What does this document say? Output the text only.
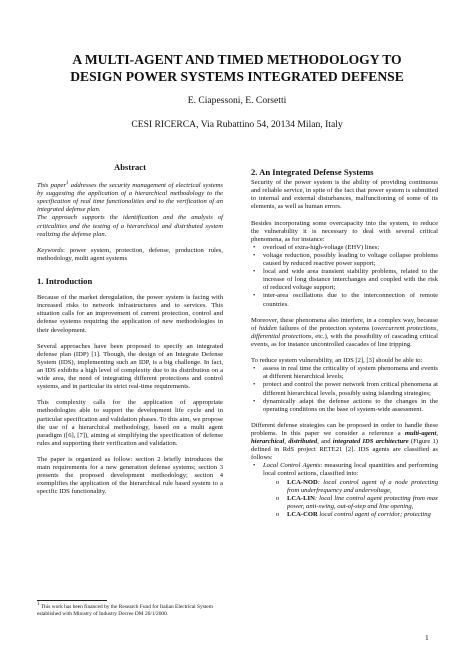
A MULTI-AGENT AND TIMED METHODOLOGY TO
DESIGN POWER SYSTEMS INTEGRATED DEFENSE
E. Ciapessoni, E. Corsetti
CESI RICERCA, Via Rubattino 54, 20134 Milan, Italy
Abstract

This paper$^1$ addresses the security management of electrical systems by suggesting the application of a hierarchical methodology to the specification of real time functionalities and to the verification of an integrated defense plan.

The approach supports the identification and the analysis of criticalities and the testing of a hierarchical and distributed system realizing the defense plan.

Keywords: power system, protection, defense, production rules, methodology, multi agent systems

1. Introduction

Because of the market deregulation, the power system is facing with increased risks to network infrastructures and to services. This situation calls for an improvement of current protection, control and defense systems requiring the application of new methodologies in their development.

Several approaches have been proposed to specify an integrated defense plan (IDP) [1]. Though, the design of an Integrate Defense System (IDS), implementing such an IDP, is a big challenge. In fact, an IDS exhibits a high level of complexity due to its distribution on a wide area, the need of integrating different protections and control systems, and in particular its strict real-time requirements.

This complexity calls for the application of appropriate methodologies able to support the development life cycle and in particular specification and validation phases. To this aim, we propose the use of a hierarchical methodology, based on a multi agent paradigm ([6], [7]), aiming at simplifying the specification of defense rules and supporting their verification and validation.

The paper is organized as follow: section 2 briefly introduces the main requirements for a new generation defense systems; section 3 presents the proposed development methodology; section 4 exemplifies the application of the hierarchical rule based system to a specific IDS functionality.

$^1$ This work has been financed by the Research Fund for Italian Electrical System established with Ministry of Industry Decree DM 26/1/2000.
2. An Integrated Defense Systems

Security of the power system is the ability of providing continuous and reliable service, in spite of the fact that power system is submitted to internal and external disturbances, malfunctioning of some of its elements, as well as human errors.

Besides incorporating some overcapacity into the system, to reduce the vulnerability it is necessary to deal with several critical phenomena, as for instance:

• overload of extra-high-voltage (EHV) lines;
• voltage reduction, possibly leading to voltage collapse problems caused by reduced reactive power support;
• local and wide area transient stability problems, related to the increase of long distance interchanges and coupled with the risk of reduced voltage support;
• inter-area oscillations due to the interconnection of remote countries.

Moreover, these phenomena also interfere, in a complex way, because of hidden failures of the protection systems (overcurrent protections, differential protections, etc.), with the possibility of cascading critical events, as for instance uncontrolled cascades of line tripping.

To reduce system vulnerability, an IDS [2], [3] should be able to:

• assess in real time the criticality of system phenomena and events at different hierarchical levels;
• protect and control the power network from critical phenomena at different hierarchical levels, possibly using islanding strategies;
• dynamically adapt the defense actions to the changes in the operating conditions on the base of system-wide assessment.

Different defense strategies can be proposed in order to handle these problems. In this paper we consider a reference a multi-agent, hierarchical, distributed, and integrated IDS architecture (Figure 1) defined in RdS project RETE21 [2]. IDS agents are classified as follows:

• Local Control Agents: measuring local quantities and performing local control actions, classified into:
o LCA-NOD: local control agent of a node protecting from underfrequency and undervoltage,
o LCA-LIN: local line control agent protecting from max power, anti-swing, out-of-step and line opening,
o LCA-COR local control agent of corridor; protecting
1
